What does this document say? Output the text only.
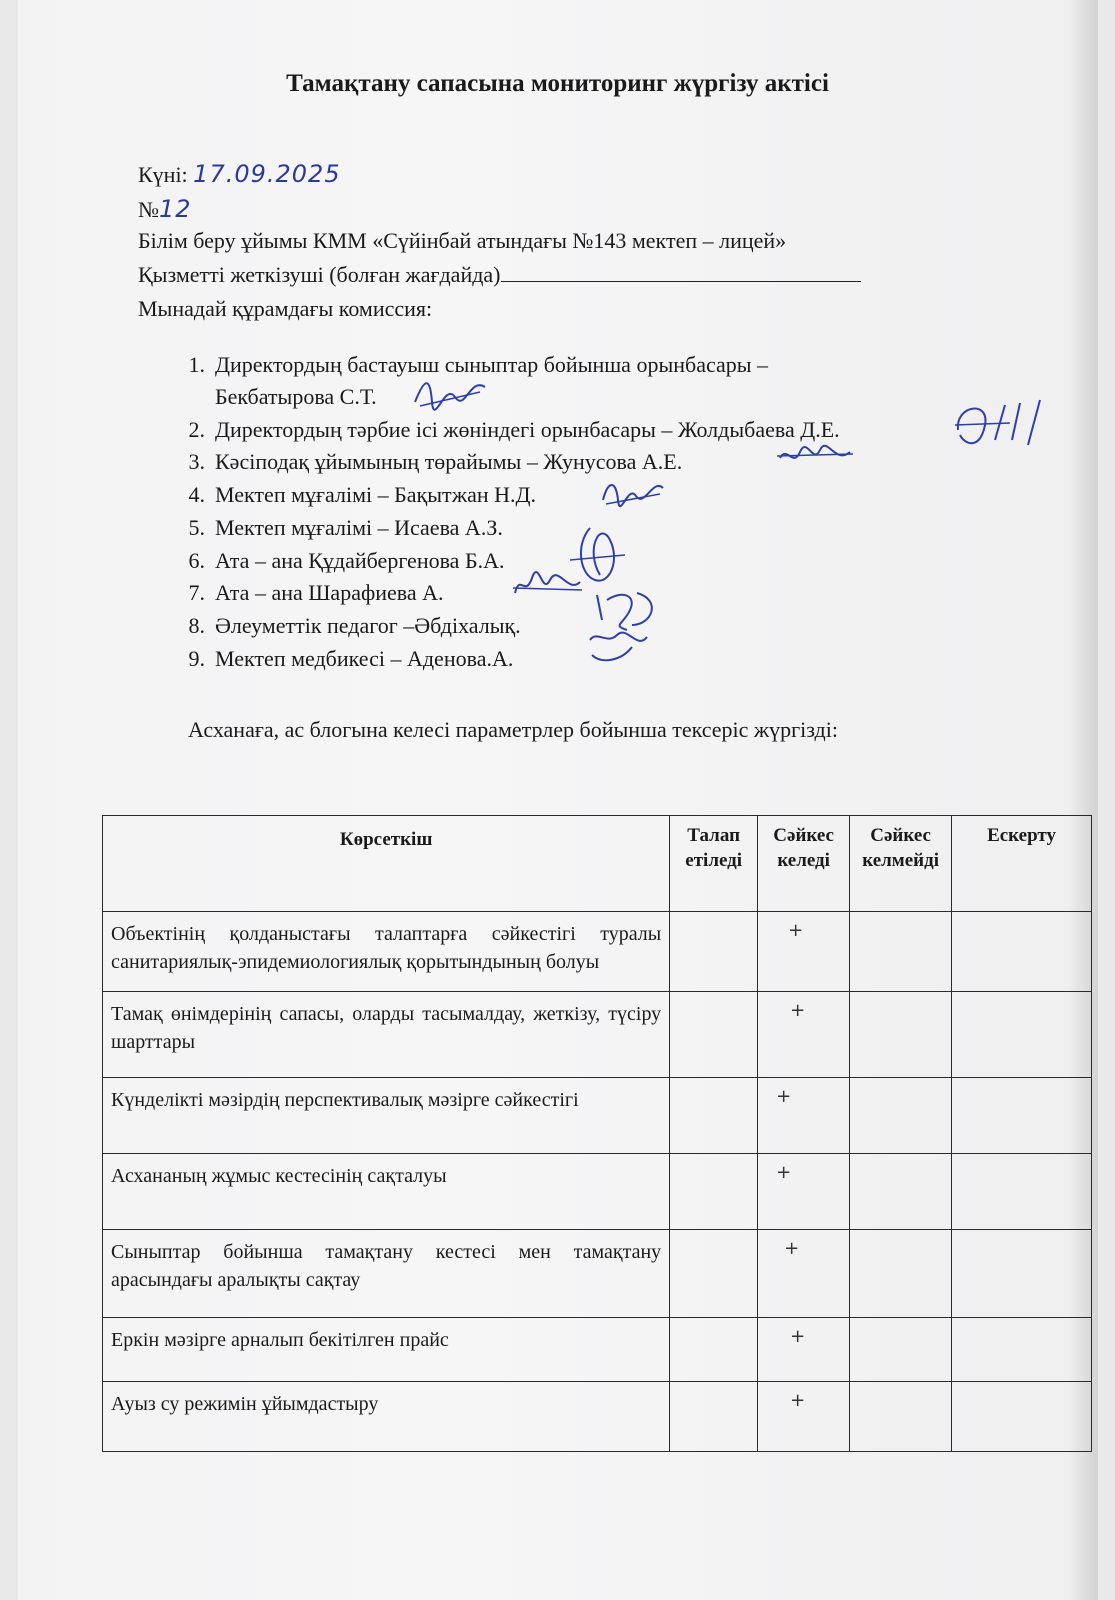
Тамақтану сапасына мониторинг жүргізу актісі
Күні: 17.09.2025
№12
Білім беру ұйымы КММ «Сүйінбай атындағы №143 мектеп – лицей»
Қызметті жеткізуші (болған жағдайда)
Мынадай құрамдағы комиссия:
1. Директордың бастауыш сыныптар бойынша орынбасары –
Бекбатырова С.Т.
2. Директордың тәрбие ісі жөніндегі орынбасары – Жолдыбаева Д.Е.
3. Кәсіподақ ұйымының төрайымы – Жунусова А.Е.
4. Мектеп мұғалімі – Бақытжан Н.Д.
5. Мектеп мұғалімі – Исаева А.З.
6. Ата – ана Құдайбергенова Б.А.
7. Ата – ана Шарафиева А.
8. Әлеуметтік педагог –Әбдіхалық.
9. Мектеп медбикесі – Аденова.А.
Асханаға, ас блогына келесі параметрлер бойынша тексеріс жүргізді:
Көрсеткіш	Талап етіледі	Сәйкес келеді	Сәйкес келмейді	Ескерту
Объектінің қолданыстағы талаптарға сәйкестігі туралы санитариялық-эпидемиологиялық қорытындының болуы		+		
Тамақ өнімдерінің сапасы, оларды тасымалдау, жеткізу, түсіру шарттары		+		
Күнделікті мәзірдің перспективалық мәзірге сәйкестігі		+		
Асхананың жұмыс кестесінің сақталуы		+		
Сыныптар бойынша тамақтану кестесі мен тамақтану арасындағы аралықты сақтау		+		
Еркін мәзірге арналып бекітілген прайс		+		
Ауыз су режимін ұйымдастыру		+		
